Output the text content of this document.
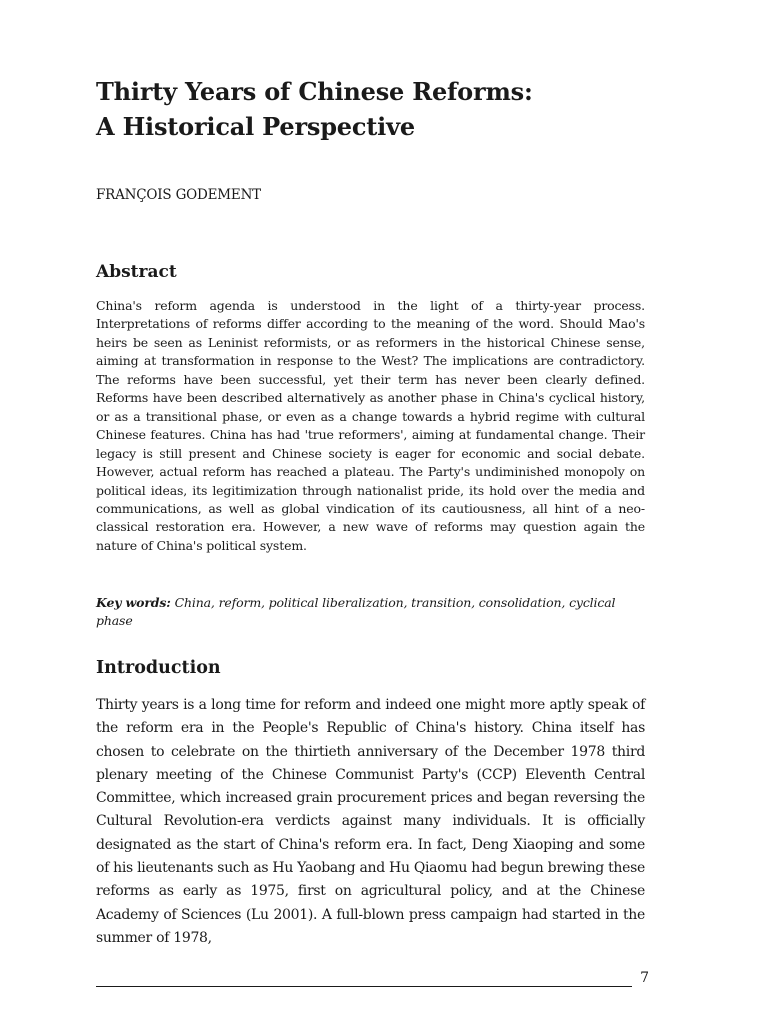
Thirty Years of Chinese Reforms:
A Historical Perspective

FRANÇOIS GODEMENT

Abstract

China's reform agenda is understood in the light of a thirty-year process. Interpretations of reforms differ according to the meaning of the word. Should Mao's heirs be seen as Leninist reformists, or as reformers in the historical Chinese sense, aiming at transformation in response to the West? The implications are contradictory. The reforms have been successful, yet their term has never been clearly defined. Reforms have been described alternatively as another phase in China's cyclical history, or as a transitional phase, or even as a change towards a hybrid regime with cultural Chinese features. China has had 'true reformers', aiming at fundamental change. Their legacy is still present and Chinese society is eager for economic and social debate. However, actual reform has reached a plateau. The Party's undiminished monopoly on political ideas, its legitimization through nationalist pride, its hold over the media and communications, as well as global vindication of its cautiousness, all hint of a neo-classical restoration era. However, a new wave of reforms may question again the nature of China's political system.

Key words: China, reform, political liberalization, transition, consolidation, cyclical phase

Introduction

Thirty years is a long time for reform and indeed one might more aptly speak of the reform era in the People's Republic of China's history. China itself has chosen to celebrate on the thirtieth anniversary of the December 1978 third plenary meeting of the Chinese Communist Party's (CCP) Eleventh Central Committee, which increased grain procurement prices and began reversing the Cultural Revolution-era verdicts against many individuals. It is officially designated as the start of China's reform era. In fact, Deng Xiaoping and some of his lieutenants such as Hu Yaobang and Hu Qiaomu had begun brewing these reforms as early as 1975, first on agricultural policy, and at the Chinese Academy of Sciences (Lu 2001). A full-blown press campaign had started in the summer of 1978,

7
